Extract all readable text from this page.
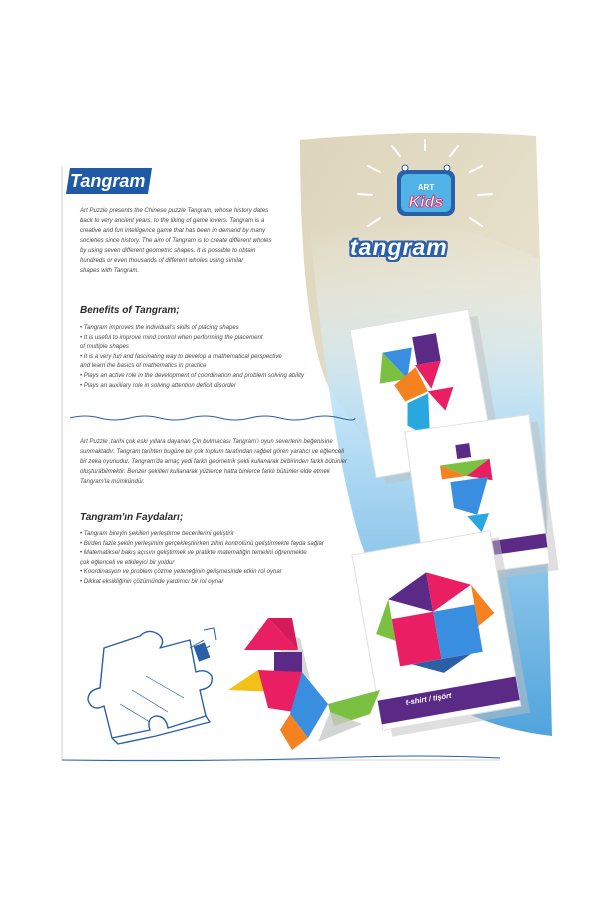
Tangram	ART
Kids
tangram
Art Puzzle presents the Chinese puzzle Tangram, whose history dates
back to very ancient years, to the liking of game lovers. Tangram is a
creative and fun intelligence game that has been in demand by many
societies since history. The aim of Tangram is to create different wholes
by using seven different geometric shapes. It is possible to obtain
hundreds or even thousands of different wholes using similar
shapes with Tangram.
Benefits of Tangram;
• Tangram improves the individual's skills of placing shapes
• It is useful to improve mind control when performing the placement
of multiple shapes
• It is a very fun and fascinating way to develop a mathematical perspective
and learn the basics of mathematics in practice
• Plays an active role in the development of coordination and problem solving ability
• Plays an auxiliary role in solving attention deficit disorder
Art Puzzle ,tarihi çok eski yıllara dayanan Çin bulmacası Tangram'ı oyun severlerin beğenisine
sunmaktadır. Tangram tarihten bugüne bir çok toplum tarafından rağbet gören yaratıcı ve eğlenceli
bir zeka oyunudur. Tangram'da amaç yedi farklı geometrik şekli kullanarak birbirinden farklı bütünler
oluşturabilmektir. Benzer şekilleri kullanarak yüzlerce hatta binlerce farklı bütünler elde etmek
Tangram'la mümkündür.
Tangram'ın Faydaları;
• Tangram bireyin şekilleri yerleştirme becerilerini geliştirir
• Birden fazla şeklin yerleşimini gerçekleştirirken zihin kontrolünü geliştirmekte fayda sağlar
• Matematiksel bakış açısını geliştirmek ve pratikte matematiğin temelini öğrenmekte
çok eğlenceli ve etkileyici bir yoldur
• Koordinasyon ve problem çözme yeteneğinin gelişmesinde etkin rol oynar
• Dikkat eksikliğinin çözümünde yardımcı bir rol oynar
t-shirt / tişört
